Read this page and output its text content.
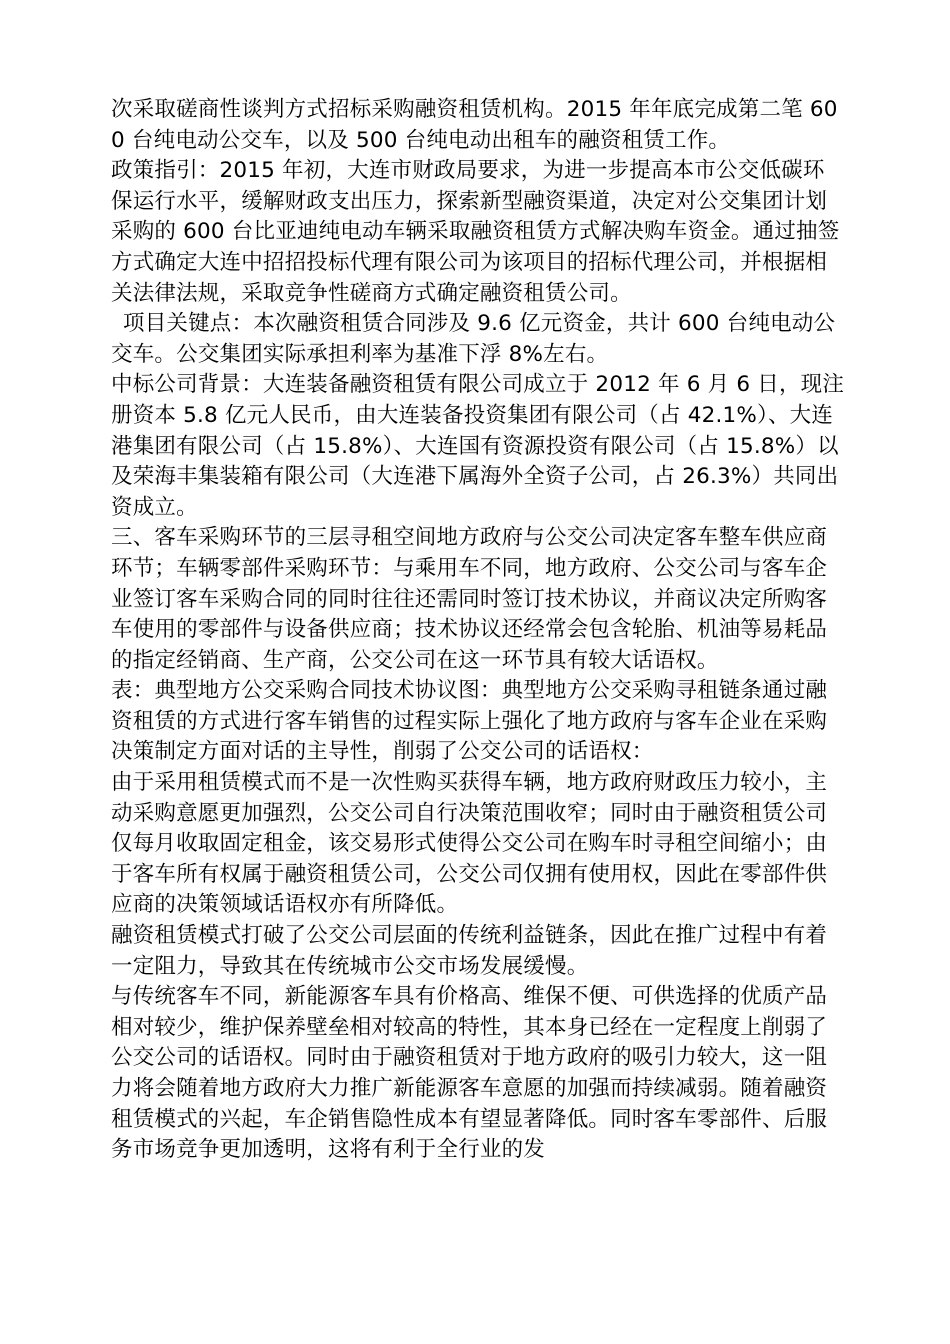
次采取磋商性谈判方式招标采购融资租赁机构。2015 年年底完成第二笔 600 台纯电动公交车，以及 500 台纯电动出租车的融资租赁工作。

政策指引：2015 年初，大连市财政局要求，为进一步提高本市公交低碳环保运行水平，缓解财政支出压力，探索新型融资渠道，决定对公交集团计划采购的 600 台比亚迪纯电动车辆采取融资租赁方式解决购车资金。通过抽签方式确定大连中招招投标代理有限公司为该项目的招标代理公司，并根据相关法律法规，采取竞争性磋商方式确定融资租赁公司。

项目关键点：本次融资租赁合同涉及 9.6 亿元资金，共计 600 台纯电动公交车。公交集团实际承担利率为基准下浮 8%左右。

中标公司背景：大连装备融资租赁有限公司成立于 2012 年 6 月 6 日，现注册资本 5.8 亿元人民币，由大连装备投资集团有限公司（占 42.1%）、大连港集团有限公司（占 15.8%）、大连国有资源投资有限公司（占 15.8%）以及荣海丰集装箱有限公司（大连港下属海外全资子公司，占 26.3%）共同出资成立。

三、客车采购环节的三层寻租空间地方政府与公交公司决定客车整车供应商环节；车辆零部件采购环节：与乘用车不同，地方政府、公交公司与客车企业签订客车采购合同的同时往往还需同时签订技术协议，并商议决定所购客车使用的零部件与设备供应商；技术协议还经常会包含轮胎、机油等易耗品的指定经销商、生产商，公交公司在这一环节具有较大话语权。

表：典型地方公交采购合同技术协议图：典型地方公交采购寻租链条通过融资租赁的方式进行客车销售的过程实际上强化了地方政府与客车企业在采购决策制定方面对话的主导性，削弱了公交公司的话语权：

由于采用租赁模式而不是一次性购买获得车辆，地方政府财政压力较小，主动采购意愿更加强烈，公交公司自行决策范围收窄；同时由于融资租赁公司仅每月收取固定租金，该交易形式使得公交公司在购车时寻租空间缩小；由于客车所有权属于融资租赁公司，公交公司仅拥有使用权，因此在零部件供应商的决策领域话语权亦有所降低。

融资租赁模式打破了公交公司层面的传统利益链条，因此在推广过程中有着一定阻力，导致其在传统城市公交市场发展缓慢。

与传统客车不同，新能源客车具有价格高、维保不便、可供选择的优质产品相对较少，维护保养壁垒相对较高的特性，其本身已经在一定程度上削弱了公交公司的话语权。同时由于融资租赁对于地方政府的吸引力较大，这一阻力将会随着地方政府大力推广新能源客车意愿的加强而持续减弱。随着融资租赁模式的兴起，车企销售隐性成本有望显著降低。同时客车零部件、后服务市场竞争更加透明，这将有利于全行业的发
